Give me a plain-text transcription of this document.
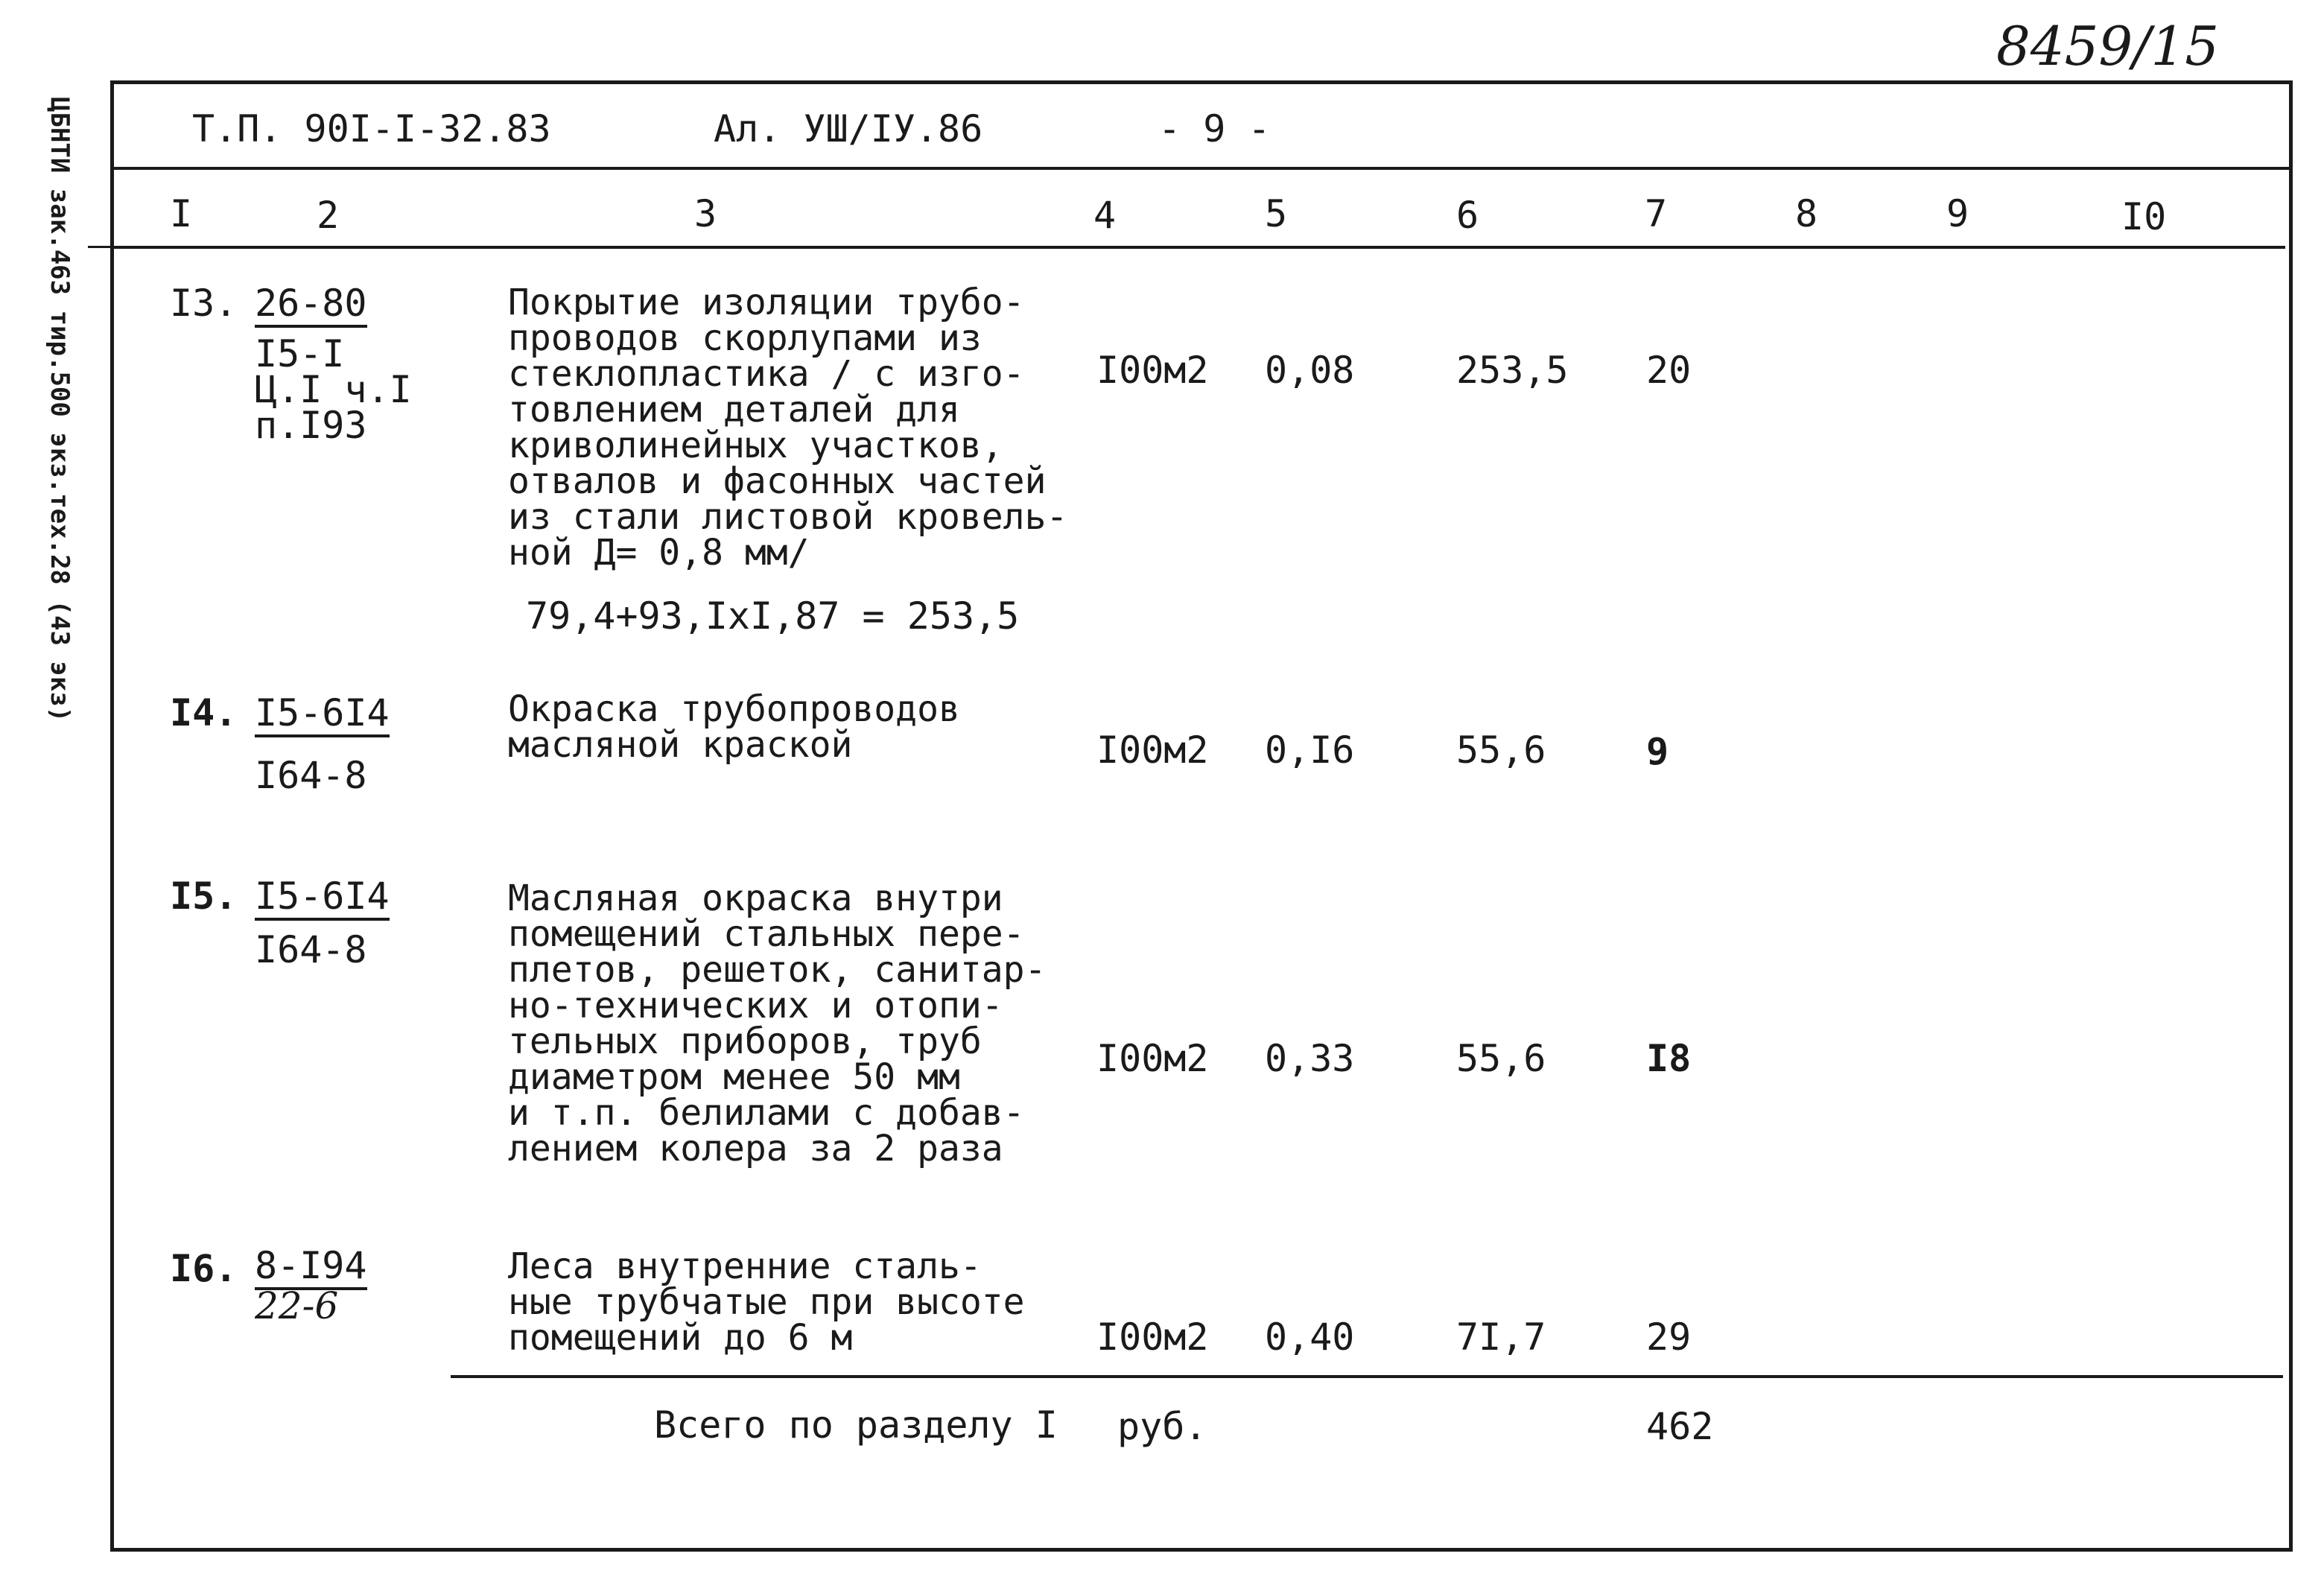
8459/15
ЦБНТИ зак.463 тир.500 экз.тех.28 (43 экз)	Т.П. 90I-I-32.83	Ал. УШ/IУ.86	- 9 -
I	2	3	4	5	6	7	8	9	I0
I3. 26-80
I5-I
Ц.I ч.I
п.I93
Покрытие изоляции трубо-
проводов скорлупами из
стеклопластика / с изго-
товлением деталей для
криволинейных участков,
отвалов и фасонных частей
из стали листовой кровель-
ной Д= 0,8 мм/
79,4+93,IxI,87 = 253,5
I00м2 0,08	253,5 20
I4. I5-6I4
I64-8
Окраска трубопроводов
масляной краской	I00м2 0,I6	55,6	9
I5. I5-6I4
I64-8
Масляная окраска внутри
помещений стальных пере-
плетов, решеток, санитар-
но-технических и отопи-
тельных приборов, труб
диаметром менее 50 мм
и т.п. белилами с добав-
лением колера за 2 раза
I00м2 0,33	55,6	I8
I6. 8-I94
22-6
Леса внутренние сталь-
ные трубчатые при высоте
помещений до 6 м	I00м2 0,40	7I,7	29
Всего по разделу I руб.	462
